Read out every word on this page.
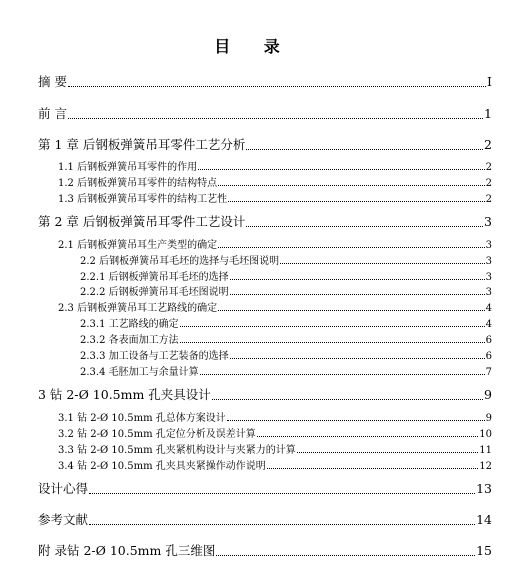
目 录
摘 要	I
前 言	1
第 1 章 后钢板弹簧吊耳零件工艺分析	2
1.1 后钢板弹簧吊耳零件的作用	2
1.2 后钢板弹簧吊耳零件的结构特点	2
1.3 后钢板弹簧吊耳零件的结构工艺性	2
第 2 章 后钢板弹簧吊耳零件工艺设计	3
2.1 后钢板弹簧吊耳生产类型的确定	3
2.2 后钢板弹簧吊耳毛坯的选择与毛坯图说明	3
2.2.1 后钢板弹簧吊耳毛坯的选择	3
2.2.2 后钢板弹簧吊耳毛坯图说明	3
2.3 后钢板弹簧吊耳工艺路线的确定	4
2.3.1 工艺路线的确定	4
2.3.2 各表面加工方法	6
2.3.3 加工设备与工艺装备的选择	6
2.3.4 毛胚加工与余量计算	7
3 钻 2-Ø 10.5mm 孔夹具设计	9
3.1 钻 2-Ø 10.5mm 孔总体方案设计	9
3.2 钻 2-Ø 10.5mm 孔定位分析及误差计算	10
3.3 钻 2-Ø 10.5mm 孔夹紧机构设计与夹紧力的计算	11
3.4 钻 2-Ø 10.5mm 孔夹具夹紧操作动作说明	12
设计心得	13
参考文献	14
附 录钻 2-Ø 10.5mm 孔三维图	15
